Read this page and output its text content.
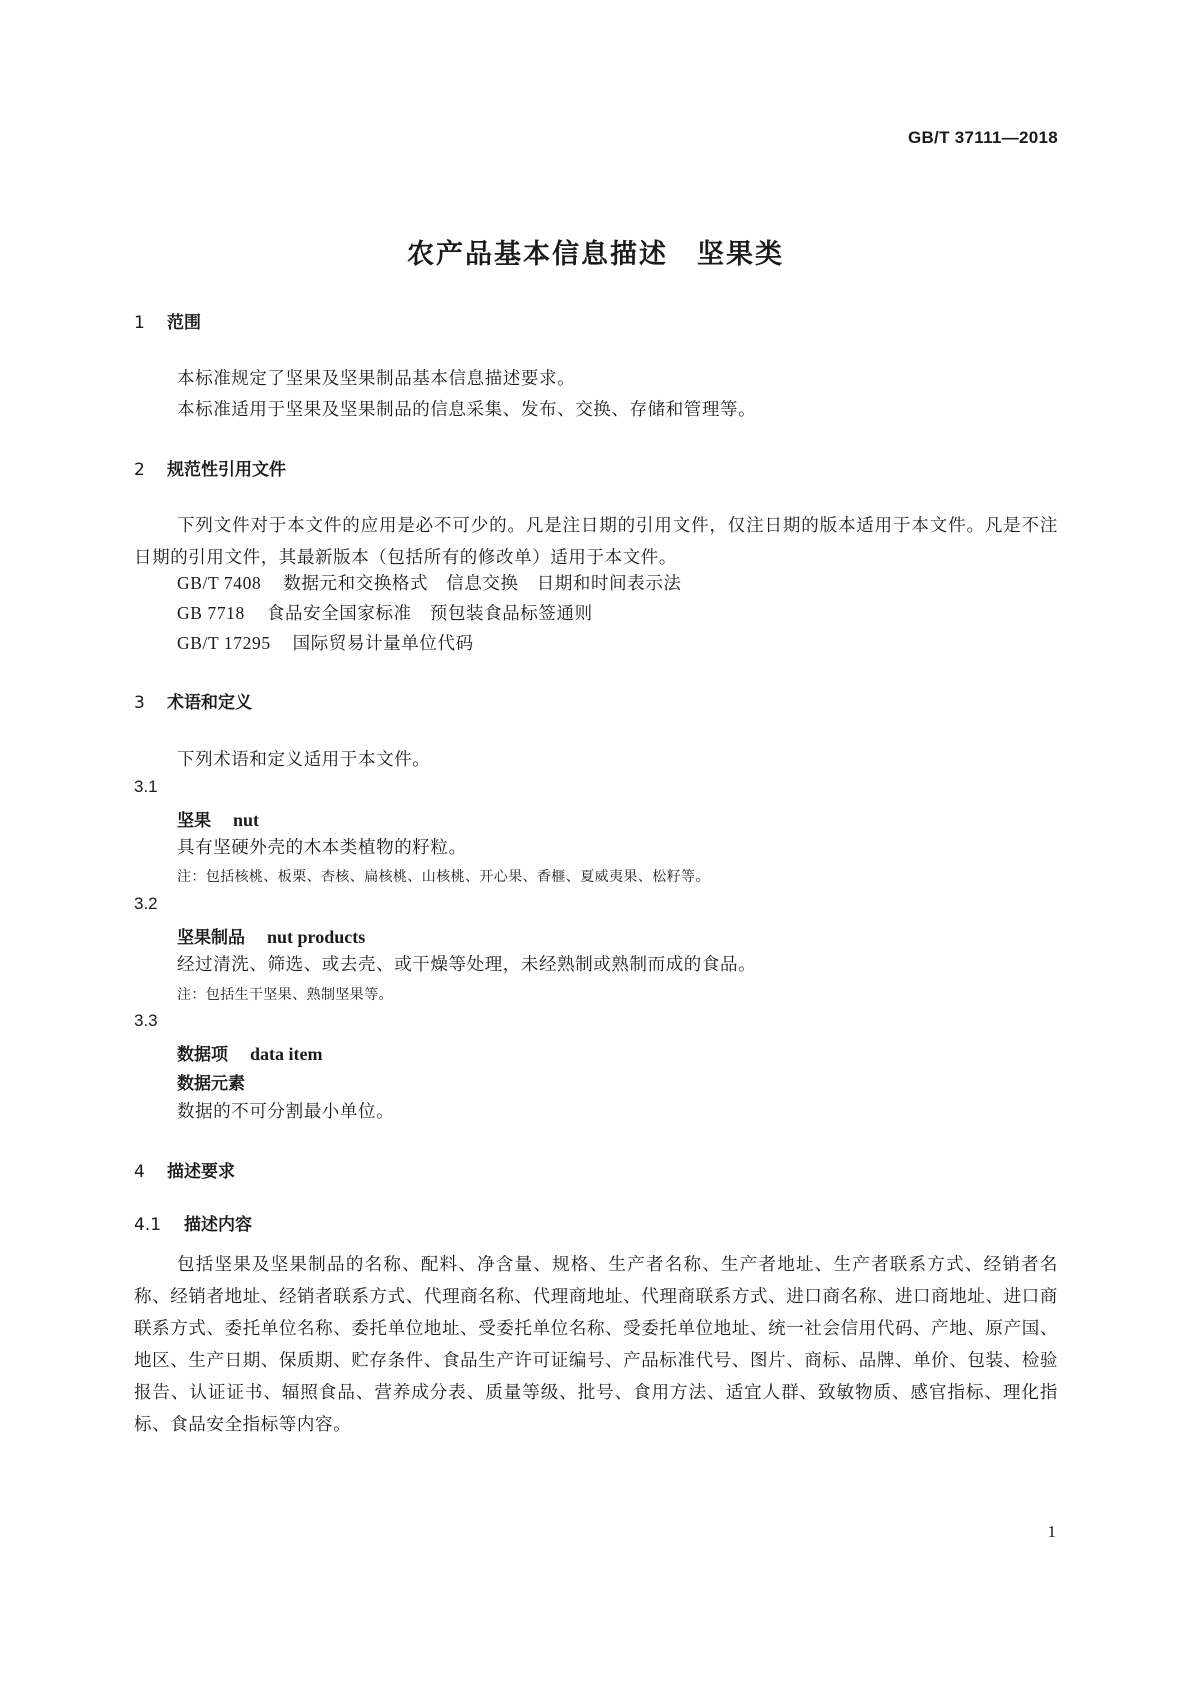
GB/T 37111—2018
农产品基本信息描述　坚果类
1 范围
本标准规定了坚果及坚果制品基本信息描述要求。
本标准适用于坚果及坚果制品的信息采集、发布、交换、存储和管理等。
2 规范性引用文件
下列文件对于本文件的应用是必不可少的。凡是注日期的引用文件，仅注日期的版本适用于本文件。凡是不注日期的引用文件，其最新版本（包括所有的修改单）适用于本文件。
GB/T 7408 数据元和交换格式　信息交换　日期和时间表示法
GB 7718 食品安全国家标准　预包装食品标签通则
GB/T 17295 国际贸易计量单位代码
3 术语和定义
下列术语和定义适用于本文件。
3.1
坚果 nut
具有坚硬外壳的木本类植物的籽粒。
注：包括核桃、板栗、杏核、扁核桃、山核桃、开心果、香榧、夏威夷果、松籽等。
3.2
坚果制品 nut products
经过清洗、筛选、或去壳、或干燥等处理，未经熟制或熟制而成的食品。
注：包括生干坚果、熟制坚果等。
3.3
数据项 data item
数据元素
数据的不可分割最小单位。
4 描述要求
4.1 描述内容
包括坚果及坚果制品的名称、配料、净含量、规格、生产者名称、生产者地址、生产者联系方式、经销者名称、经销者地址、经销者联系方式、代理商名称、代理商地址、代理商联系方式、进口商名称、进口商地址、进口商联系方式、委托单位名称、委托单位地址、受委托单位名称、受委托单位地址、统一社会信用代码、产地、原产国、地区、生产日期、保质期、贮存条件、食品生产许可证编号、产品标准代号、图片、商标、品牌、单价、包装、检验报告、认证证书、辐照食品、营养成分表、质量等级、批号、食用方法、适宜人群、致敏物质、感官指标、理化指标、食品安全指标等内容。
1
